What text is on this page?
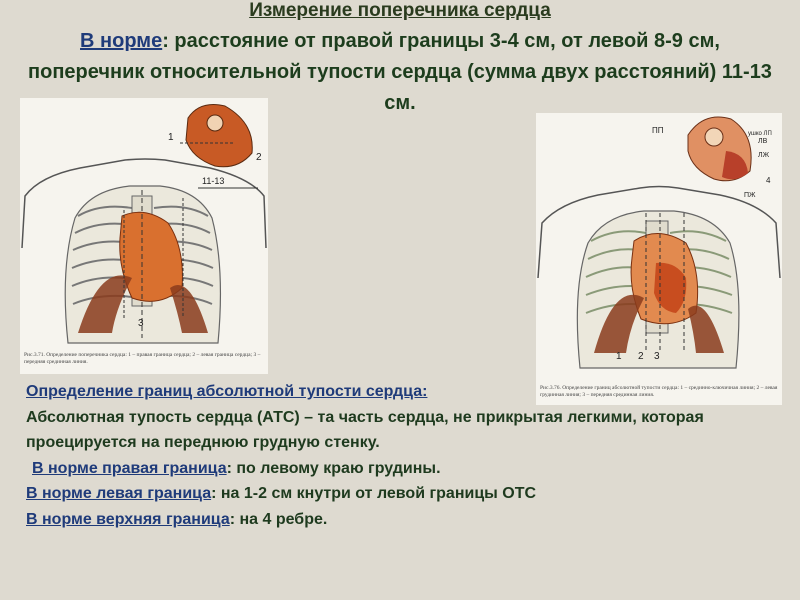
Измерение поперечника сердца
В норме: расстояние от правой границы 3-4 см, от левой 8-9 см, поперечник относительной тупости сердца (сумма двух расстояний) 11-13 см.
1
2
3
11-13
Рис.3.71. Определение поперечника сердца: 1 – правая граница сердца; 2 – левая граница сердца; 3 – передняя срединная линия.
ПП	ушко ЛП
ЛВ
ЛЖ
4
ПЖ
1 2 3
Рис.3.76. Определение границ абсолютной тупости сердца: 1 – срединно-ключичная линия; 2 – левая грудинная линия; 3 – передняя срединная линия.
Определение границ абсолютной тупости сердца:
Абсолютная тупость сердца (АТС) – та часть сердца, не прикрытая легкими, которая проецируется на переднюю грудную стенку.
В норме правая граница: по левому краю грудины.
В норме левая граница: на 1-2 см кнутри от левой границы ОТС
В норме верхняя граница: на 4 ребре.
